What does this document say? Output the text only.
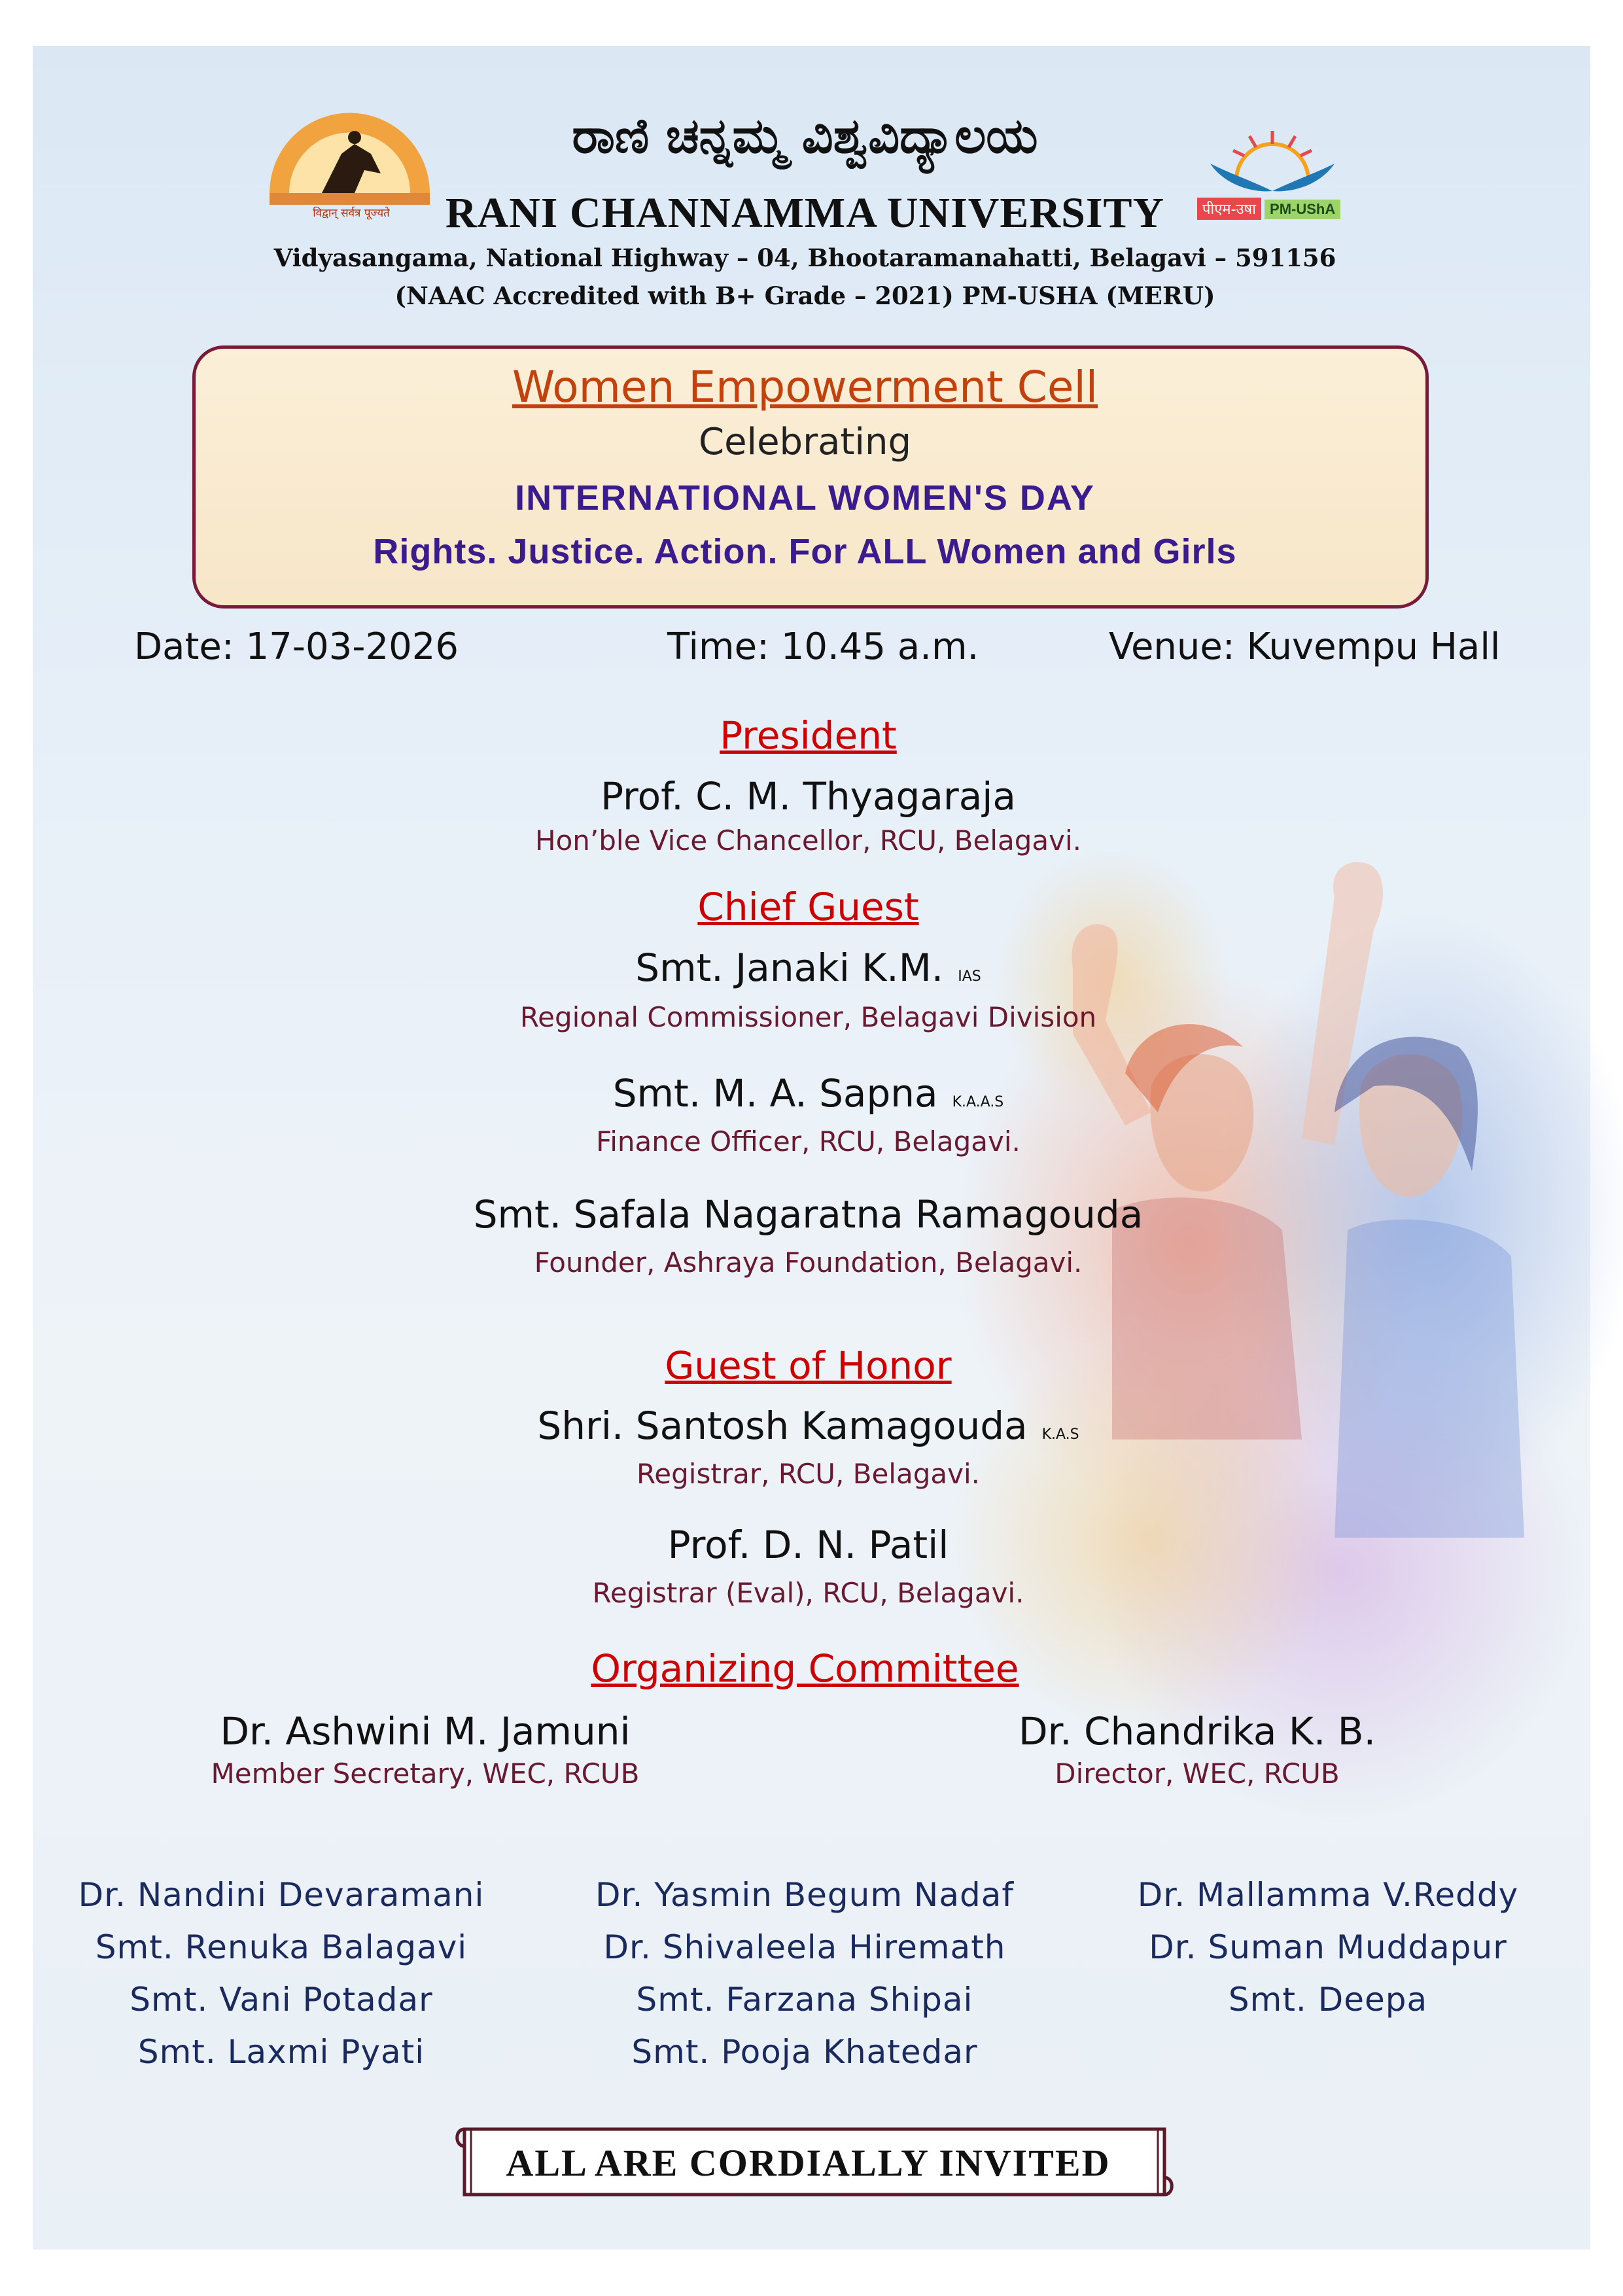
विद्वान् सर्वत्र पूज्यते	पीएम-उषा PM-UShA
ರಾಣಿ ಚನ್ನಮ್ಮ ವಿಶ್ವವಿದ್ಯಾಲಯ
RANI CHANNAMMA UNIVERSITY
Vidyasangama, National Highway – 04, Bhootaramanahatti, Belagavi – 591156
(NAAC Accredited with B+ Grade – 2021) PM-USHA (MERU)
Women Empowerment Cell
Celebrating
INTERNATIONAL WOMEN'S DAY
Rights. Justice. Action. For ALL Women and Girls
Date: 17-03-2026	Time: 10.45 a.m.	Venue: Kuvempu Hall
President
Prof. C. M. Thyagaraja
Hon’ble Vice Chancellor, RCU, Belagavi.
Chief Guest
Smt. Janaki K.M. IAS
Regional Commissioner, Belagavi Division
Smt. M. A. Sapna K.A.A.S
Finance Officer, RCU, Belagavi.
Smt. Safala Nagaratna Ramagouda
Founder, Ashraya Foundation, Belagavi.
Guest of Honor
Shri. Santosh Kamagouda K.A.S
Registrar, RCU, Belagavi.
Prof. D. N. Patil
Registrar (Eval), RCU, Belagavi.
Organizing Committee
Dr. Ashwini M. Jamuni
Member Secretary, WEC, RCUB
Dr. Chandrika K. B.
Director, WEC, RCUB
Dr. Nandini Devaramani
Smt. Renuka Balagavi
Smt. Vani Potadar
Smt. Laxmi Pyati
Dr. Yasmin Begum Nadaf
Dr. Shivaleela Hiremath
Smt. Farzana Shipai
Smt. Pooja Khatedar
Dr. Mallamma V.Reddy
Dr. Suman Muddapur
Smt. Deepa
ALL ARE CORDIALLY INVITED
